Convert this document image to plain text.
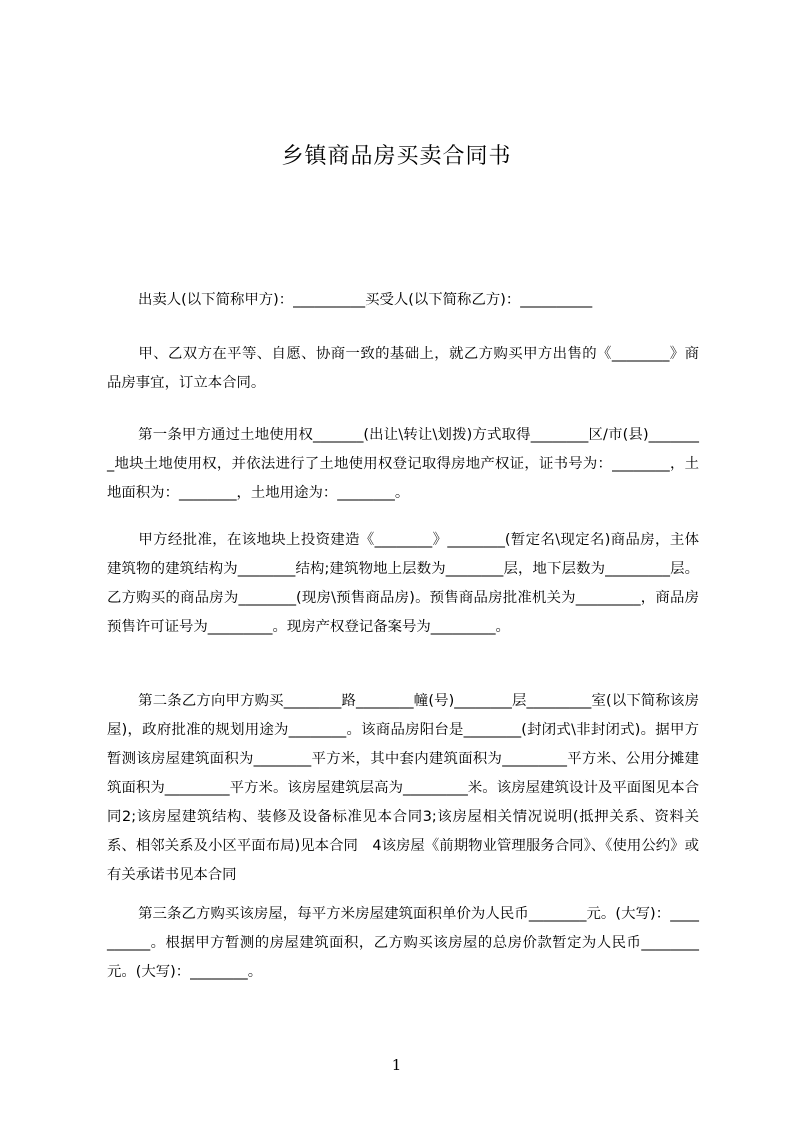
乡镇商品房买卖合同书

出卖人(以下简称甲方)：__________买受人(以下简称乙方)：__________

甲、乙双方在平等、自愿、协商一致的基础上，就乙方购买甲方出售的《________》商品房事宜，订立本合同。

第一条甲方通过土地使用权_______(出让\转让\划拨)方式取得________区/市(县)________地块土地使用权，并依法进行了土地使用权登记取得房地产权证，证书号为：________，土地面积为：________，土地用途为：________。

甲方经批准，在该地块上投资建造《________》________(暂定名\现定名)商品房，主体建筑物的建筑结构为________结构;建筑物地上层数为________层，地下层数为_________层。乙方购买的商品房为________(现房\预售商品房)。预售商品房批准机关为_________，商品房预售许可证号为_________。现房产权登记备案号为_________。

第二条乙方向甲方购买________路________幢(号)________层_________室(以下简称该房屋)，政府批准的规划用途为________。该商品房阳台是________(封闭式\非封闭式)。据甲方暂测该房屋建筑面积为________平方米，其中套内建筑面积为_________平方米、公用分摊建筑面积为_________平方米。该房屋建筑层高为_________米。该房屋建筑设计及平面图见本合同2;该房屋建筑结构、装修及设备标准见本合同3;该房屋相关情况说明(抵押关系、资料关系、相邻关系及小区平面布局)见本合同　4该房屋《前期物业管理服务合同》、《使用公约》或有关承诺书见本合同

第三条乙方购买该房屋，每平方米房屋建筑面积单价为人民币________元。(大写)：__________。根据甲方暂测的房屋建筑面积，乙方购买该房屋的总房价款暂定为人民币________元。(大写)：________。

1
